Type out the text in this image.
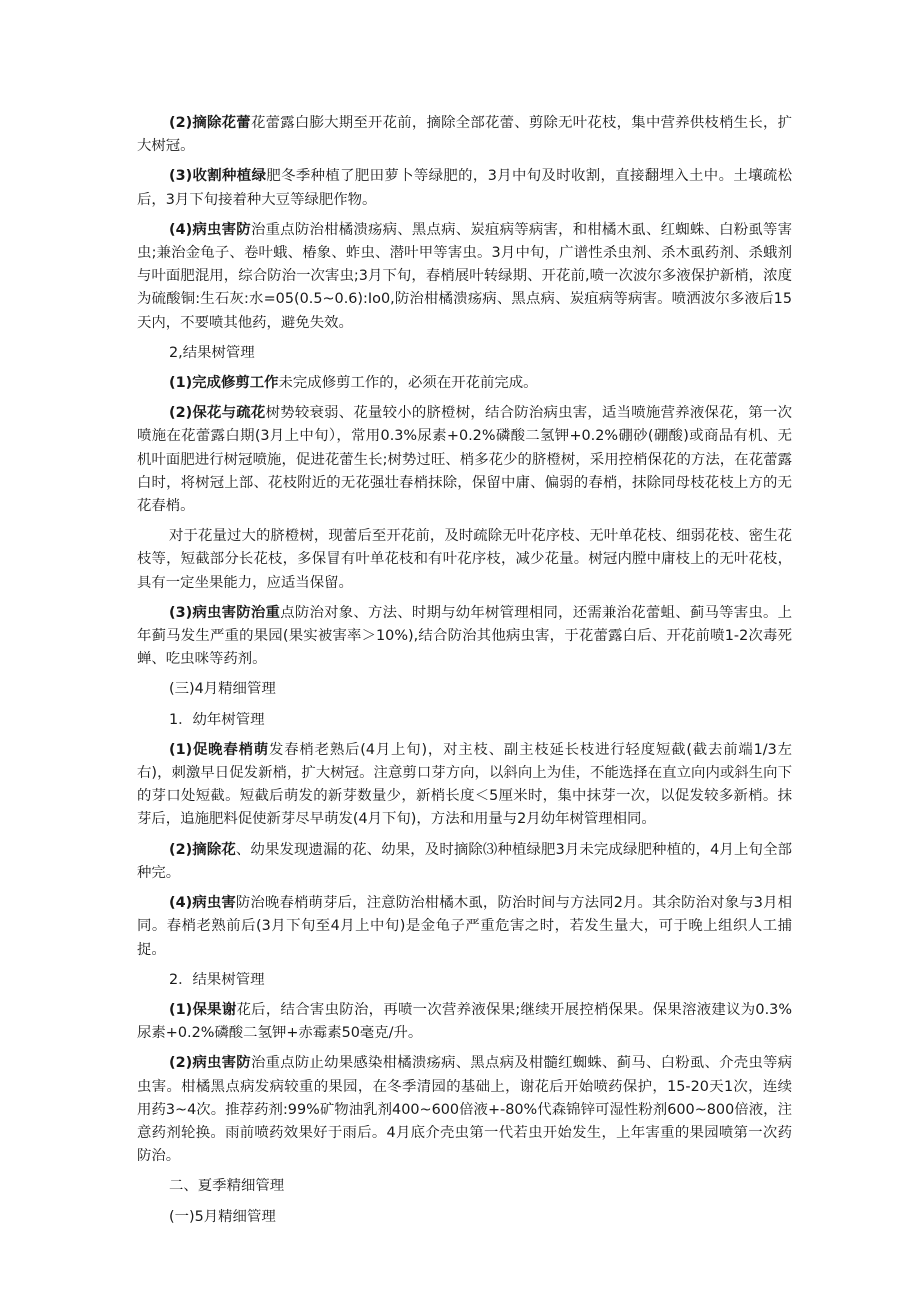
(2)摘除花蕾花蕾露白膨大期至开花前，摘除全部花蕾、剪除无叶花枝，集中营养供枝梢生长，扩大树冠。

(3)收割种植绿肥冬季种植了肥田萝卜等绿肥的，3月中旬及时收割，直接翻埋入土中。土壤疏松后，3月下旬接着种大豆等绿肥作物。

(4)病虫害防治重点防治柑橘溃疡病、黑点病、炭疽病等病害，和柑橘木虱、红蜘蛛、白粉虱等害虫;兼治金龟子、卷叶蛾、椿象、蚱虫、潜叶甲等害虫。3月中旬，广谱性杀虫剂、杀木虱药剂、杀蛾剂与叶面肥混用，综合防治一次害虫;3月下旬，春梢展叶转绿期、开花前,喷一次波尔多液保护新梢，浓度为硫酸铜:生石灰:水=05(0.5~0.6):Io0,防治柑橘溃疡病、黑点病、炭疽病等病害。喷洒波尔多液后15天内，不要喷其他药，避免失效。

2,结果树管理

(1)完成修剪工作未完成修剪工作的，必须在开花前完成。

(2)保花与疏花树势较衰弱、花量较小的脐橙树，结合防治病虫害，适当喷施营养液保花，第一次喷施在花蕾露白期(3月上中旬），常用0.3%尿素+0.2%磷酸二氢钾+0.2%硼砂(硼酸)或商品有机、无机叶面肥进行树冠喷施，促进花蕾生长;树势过旺、梢多花少的脐橙树，采用控梢保花的方法，在花蕾露白时，将树冠上部、花枝附近的无花强壮春梢抹除，保留中庸、偏弱的春梢，抹除同母枝花枝上方的无花春梢。

对于花量过大的脐橙树，现蕾后至开花前，及时疏除无叶花序枝、无叶单花枝、细弱花枝、密生花枝等，短截部分长花枝，多保冒有叶单花枝和有叶花序枝，减少花量。树冠内膛中庸枝上的无叶花枝，具有一定坐果能力，应适当保留。

(3)病虫害防治重点防治对象、方法、时期与幼年树管理相同，还需兼治花蕾蛆、蓟马等害虫。上年蓟马发生严重的果园(果实被害率＞10%),结合防治其他病虫害，于花蕾露白后、开花前喷1-2次毒死蝉、吃虫咪等药剂。

(三)4月精细管理

1．幼年树管理

(1)促晚春梢萌发春梢老熟后(4月上旬)，对主枝、副主枝延长枝进行轻度短截(截去前端1/3左右)，刺激早日促发新梢，扩大树冠。注意剪口芽方向，以斜向上为佳，不能选择在直立向内或斜生向下的芽口处短截。短截后萌发的新芽数量少，新梢长度＜5厘米时，集中抹芽一次，以促发较多新梢。抹芽后，追施肥料促使新芽尽早萌发(4月下旬)，方法和用量与2月幼年树管理相同。

(2)摘除花、幼果发现遗漏的花、幼果，及时摘除⑶种植绿肥3月未完成绿肥种植的，4月上旬全部种完。

(4)病虫害防治晚春梢萌芽后，注意防治柑橘木虱，防治时间与方法同2月。其余防治对象与3月相同。春梢老熟前后(3月下旬至4月上中旬)是金龟子严重危害之时，若发生量大，可于晚上组织人工捕捉。

2．结果树管理

(1)保果谢花后，结合害虫防治，再喷一次营养液保果;继续开展控梢保果。保果溶液建议为0.3%尿素+0.2%磷酸二氢钾+赤霉素50毫克/升。

(2)病虫害防治重点防止幼果感染柑橘溃疡病、黑点病及柑髓红蜘蛛、蓟马、白粉虱、介壳虫等病虫害。柑橘黑点病发病较重的果园，在冬季清园的基础上，谢花后开始喷药保护，15-20天1次，连续用药3~4次。推荐药剂:99%矿物油乳剂400~600倍液+-80%代森锦锌可湿性粉剂600~800倍液，注意药剂轮换。雨前喷药效果好于雨后。4月底介壳虫第一代若虫开始发生，上年害重的果园喷第一次药防治。

二、夏季精细管理

(一)5月精细管理
